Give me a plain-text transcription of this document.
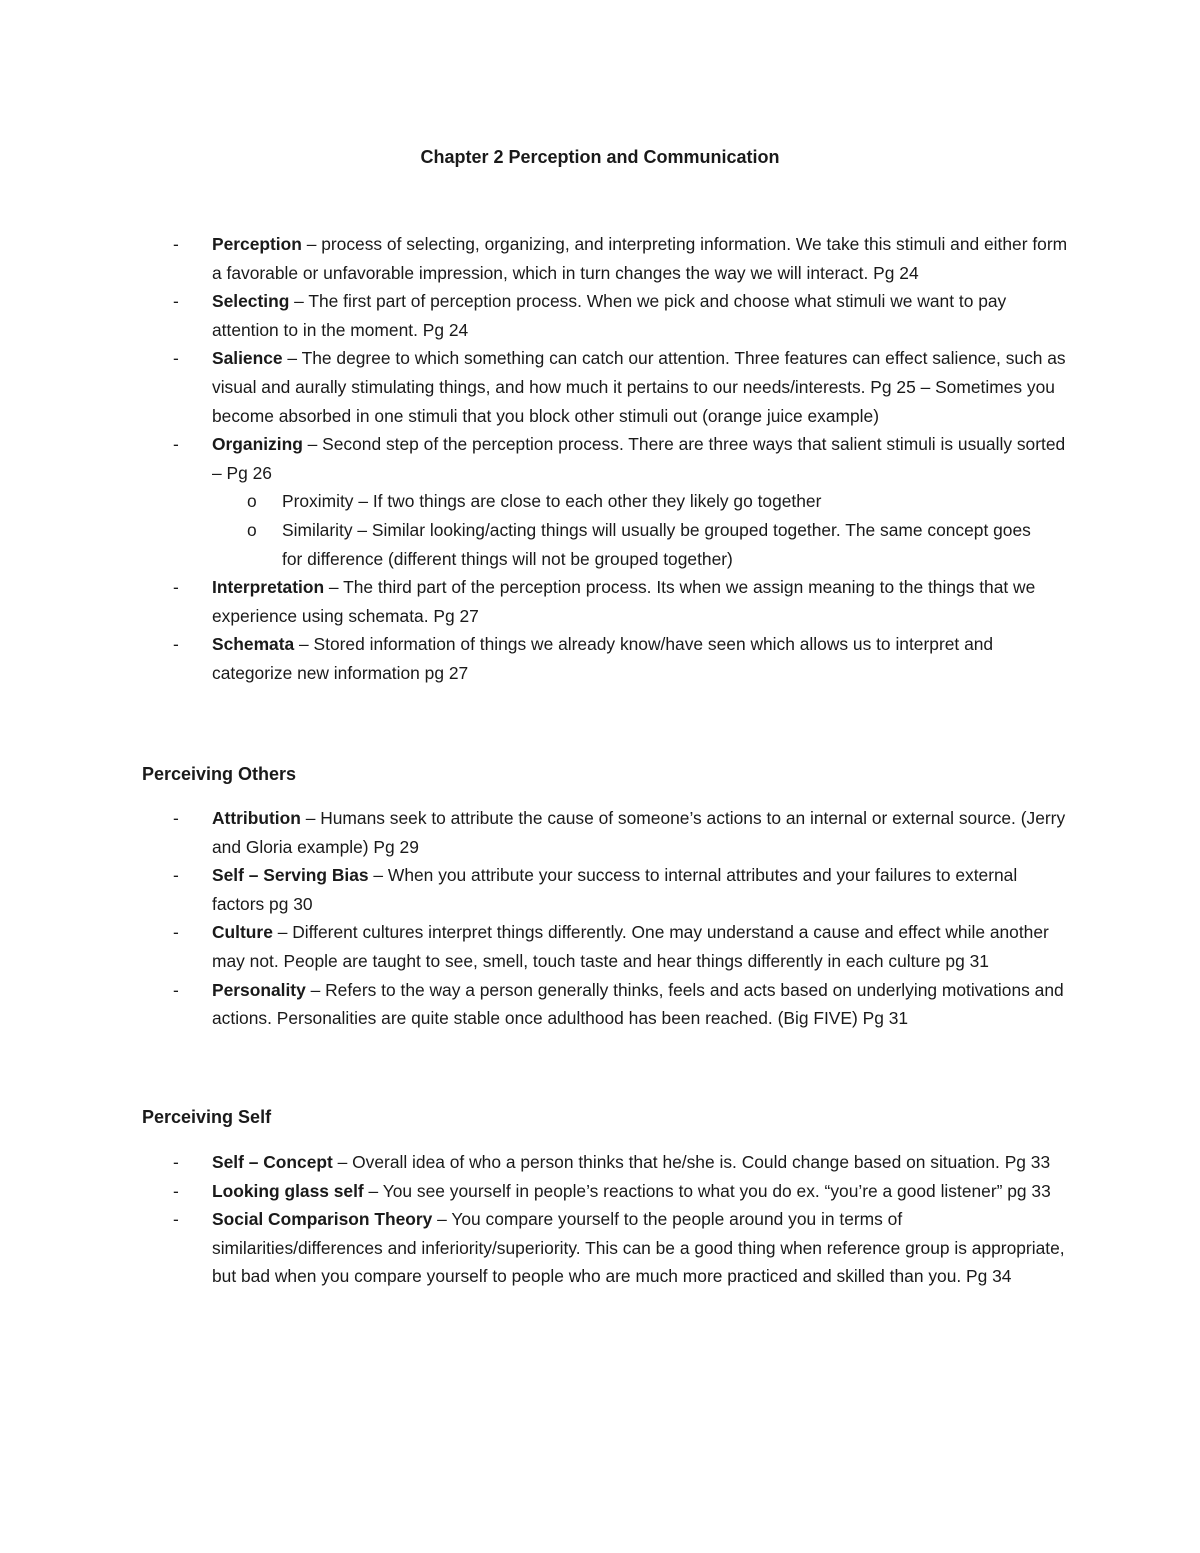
Chapter 2 Perception and Communication
- Perception – process of selecting, organizing, and interpreting information. We take this stimuli and either form a favorable or unfavorable impression, which in turn changes the way we will interact. Pg 24
- Selecting – The first part of perception process. When we pick and choose what stimuli we want to pay attention to in the moment. Pg 24
- Salience – The degree to which something can catch our attention. Three features can effect salience, such as visual and aurally stimulating things, and how much it pertains to our needs/interests. Pg 25 – Sometimes you become absorbed in one stimuli that you block other stimuli out (orange juice example)
- Organizing – Second step of the perception process. There are three ways that salient stimuli is usually sorted – Pg 26
o Proximity – If two things are close to each other they likely go together
o Similarity – Similar looking/acting things will usually be grouped together. The same concept goes for difference (different things will not be grouped together)
- Interpretation – The third part of the perception process. Its when we assign meaning to the things that we experience using schemata. Pg 27
- Schemata – Stored information of things we already know/have seen which allows us to interpret and categorize new information pg 27
Perceiving Others
- Attribution – Humans seek to attribute the cause of someone’s actions to an internal or external source. (Jerry and Gloria example) Pg 29
- Self – Serving Bias – When you attribute your success to internal attributes and your failures to external factors pg 30
- Culture – Different cultures interpret things differently. One may understand a cause and effect while another may not. People are taught to see, smell, touch taste and hear things differently in each culture pg 31
- Personality – Refers to the way a person generally thinks, feels and acts based on underlying motivations and actions. Personalities are quite stable once adulthood has been reached. (Big FIVE) Pg 31
Perceiving Self
- Self – Concept – Overall idea of who a person thinks that he/she is. Could change based on situation. Pg 33
- Looking glass self – You see yourself in people’s reactions to what you do ex. “you’re a good listener” pg 33
- Social Comparison Theory – You compare yourself to the people around you in terms of similarities/differences and inferiority/superiority. This can be a good thing when reference group is appropriate, but bad when you compare yourself to people who are much more practiced and skilled than you. Pg 34
